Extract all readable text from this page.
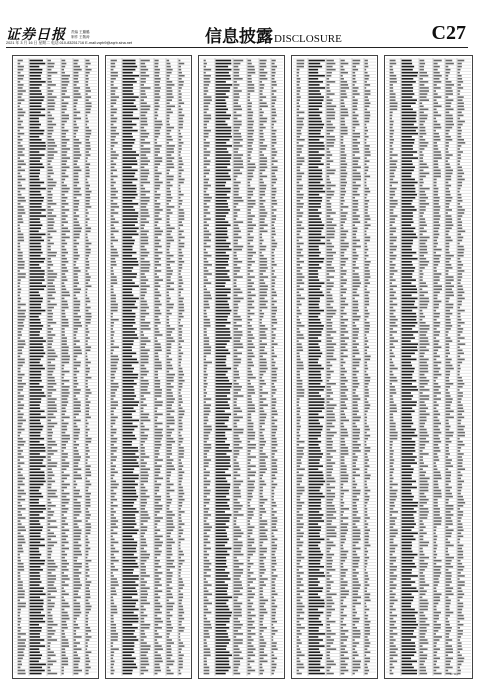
证券日报 责编 王璐璐
制作 王敬涛
2021 年 3 月 16 日 星期二 电话:010-83251716 E-mail:zqrb9@zqrb.sina.net	信息披露DISCLOSURE	C27
CYMK
